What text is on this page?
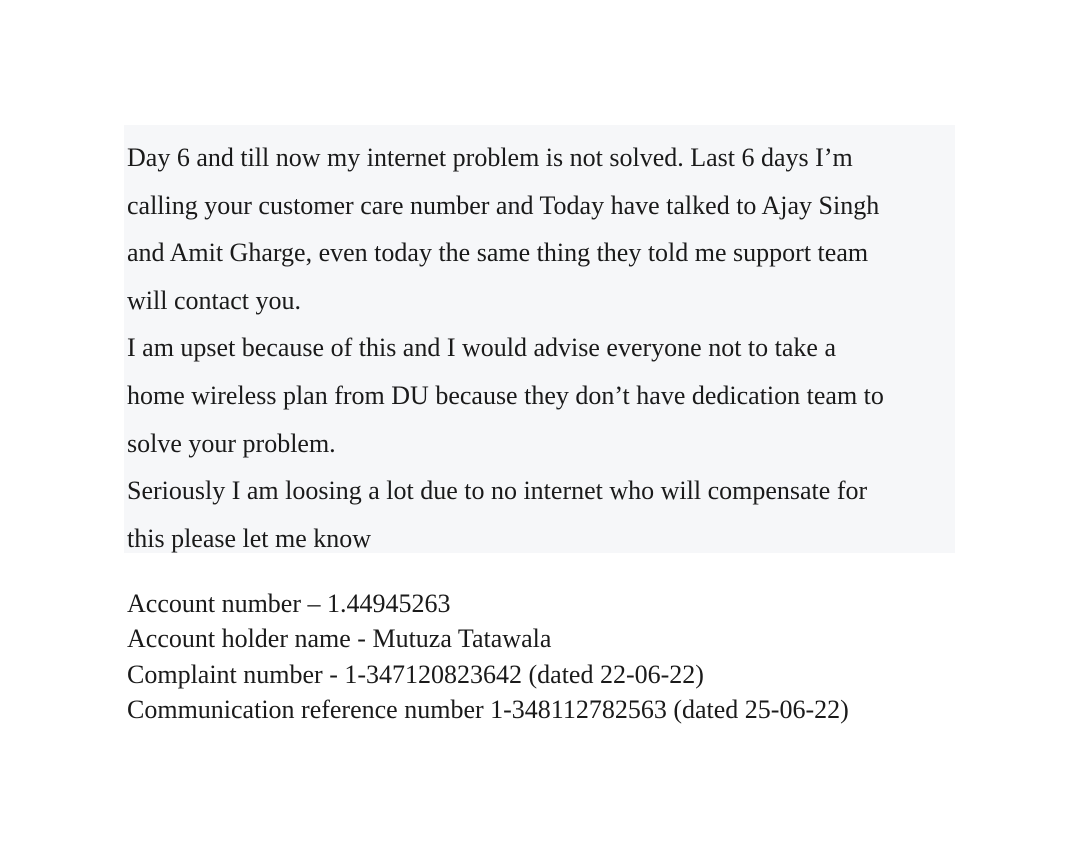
Day 6 and till now my internet problem is not solved. Last 6 days I’m

calling your customer care number and Today have talked to Ajay Singh

and Amit Gharge, even today the same thing they told me support team

will contact you.

I am upset because of this and I would advise everyone not to take a

home wireless plan from DU because they don’t have dedication team to

solve your problem.

Seriously I am loosing a lot due to no internet who will compensate for

this please let me know

Account number – 1.44945263

Account holder name - Mutuza Tatawala

Complaint number - 1-347120823642 (dated 22-06-22)

Communication reference number 1-348112782563 (dated 25-06-22)
